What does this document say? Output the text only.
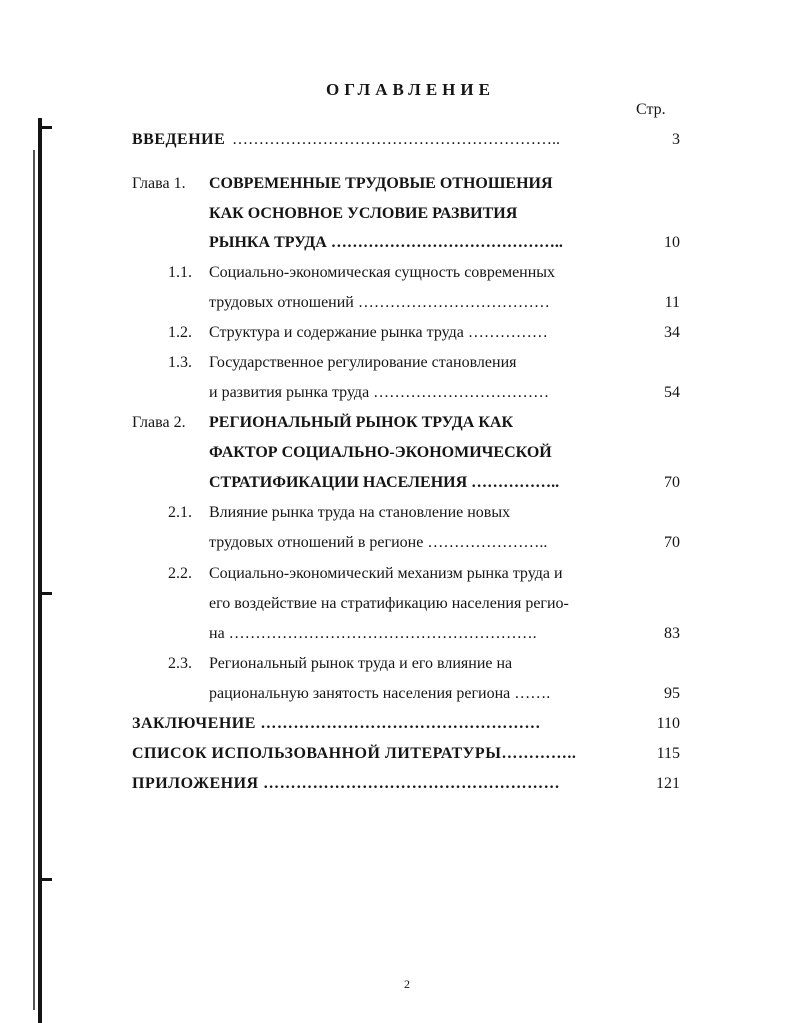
ОГЛАВЛЕНИЕ
Стр.
ВВЕДЕНИЕ ……………………………………………………..	3
Глава 1. СОВРЕМЕННЫЕ ТРУДОВЫЕ ОТНОШЕНИЯ
КАК ОСНОВНОЕ УСЛОВИЕ РАЗВИТИЯ
РЫНКА ТРУДА ……………………………………..	10
1.1. Социально-экономическая сущность современных
трудовых отношений ………………………………	11
1.2. Структура и содержание рынка труда ……………	34
1.3. Государственное регулирование становления
и развития рынка труда ……………………………	54
Глава 2. РЕГИОНАЛЬНЫЙ РЫНОК ТРУДА КАК
ФАКТОР СОЦИАЛЬНО-ЭКОНОМИЧЕСКОЙ
СТРАТИФИКАЦИИ НАСЕЛЕНИЯ ……………..	70
2.1. Влияние рынка труда на становление новых
трудовых отношений в регионе …………………..	70
2.2. Социально-экономический механизм рынка труда и
его воздействие на стратификацию населения регио-
на ………………………………………………….	83
2.3. Региональный рынок труда и его влияние на
рациональную занятость населения региона …….	95
ЗАКЛЮЧЕНИЕ ……………………………………………	110
СПИСОК ИСПОЛЬЗОВАННОЙ ЛИТЕРАТУРЫ…………..	115
ПРИЛОЖЕНИЯ ………………………………………………	121
2
